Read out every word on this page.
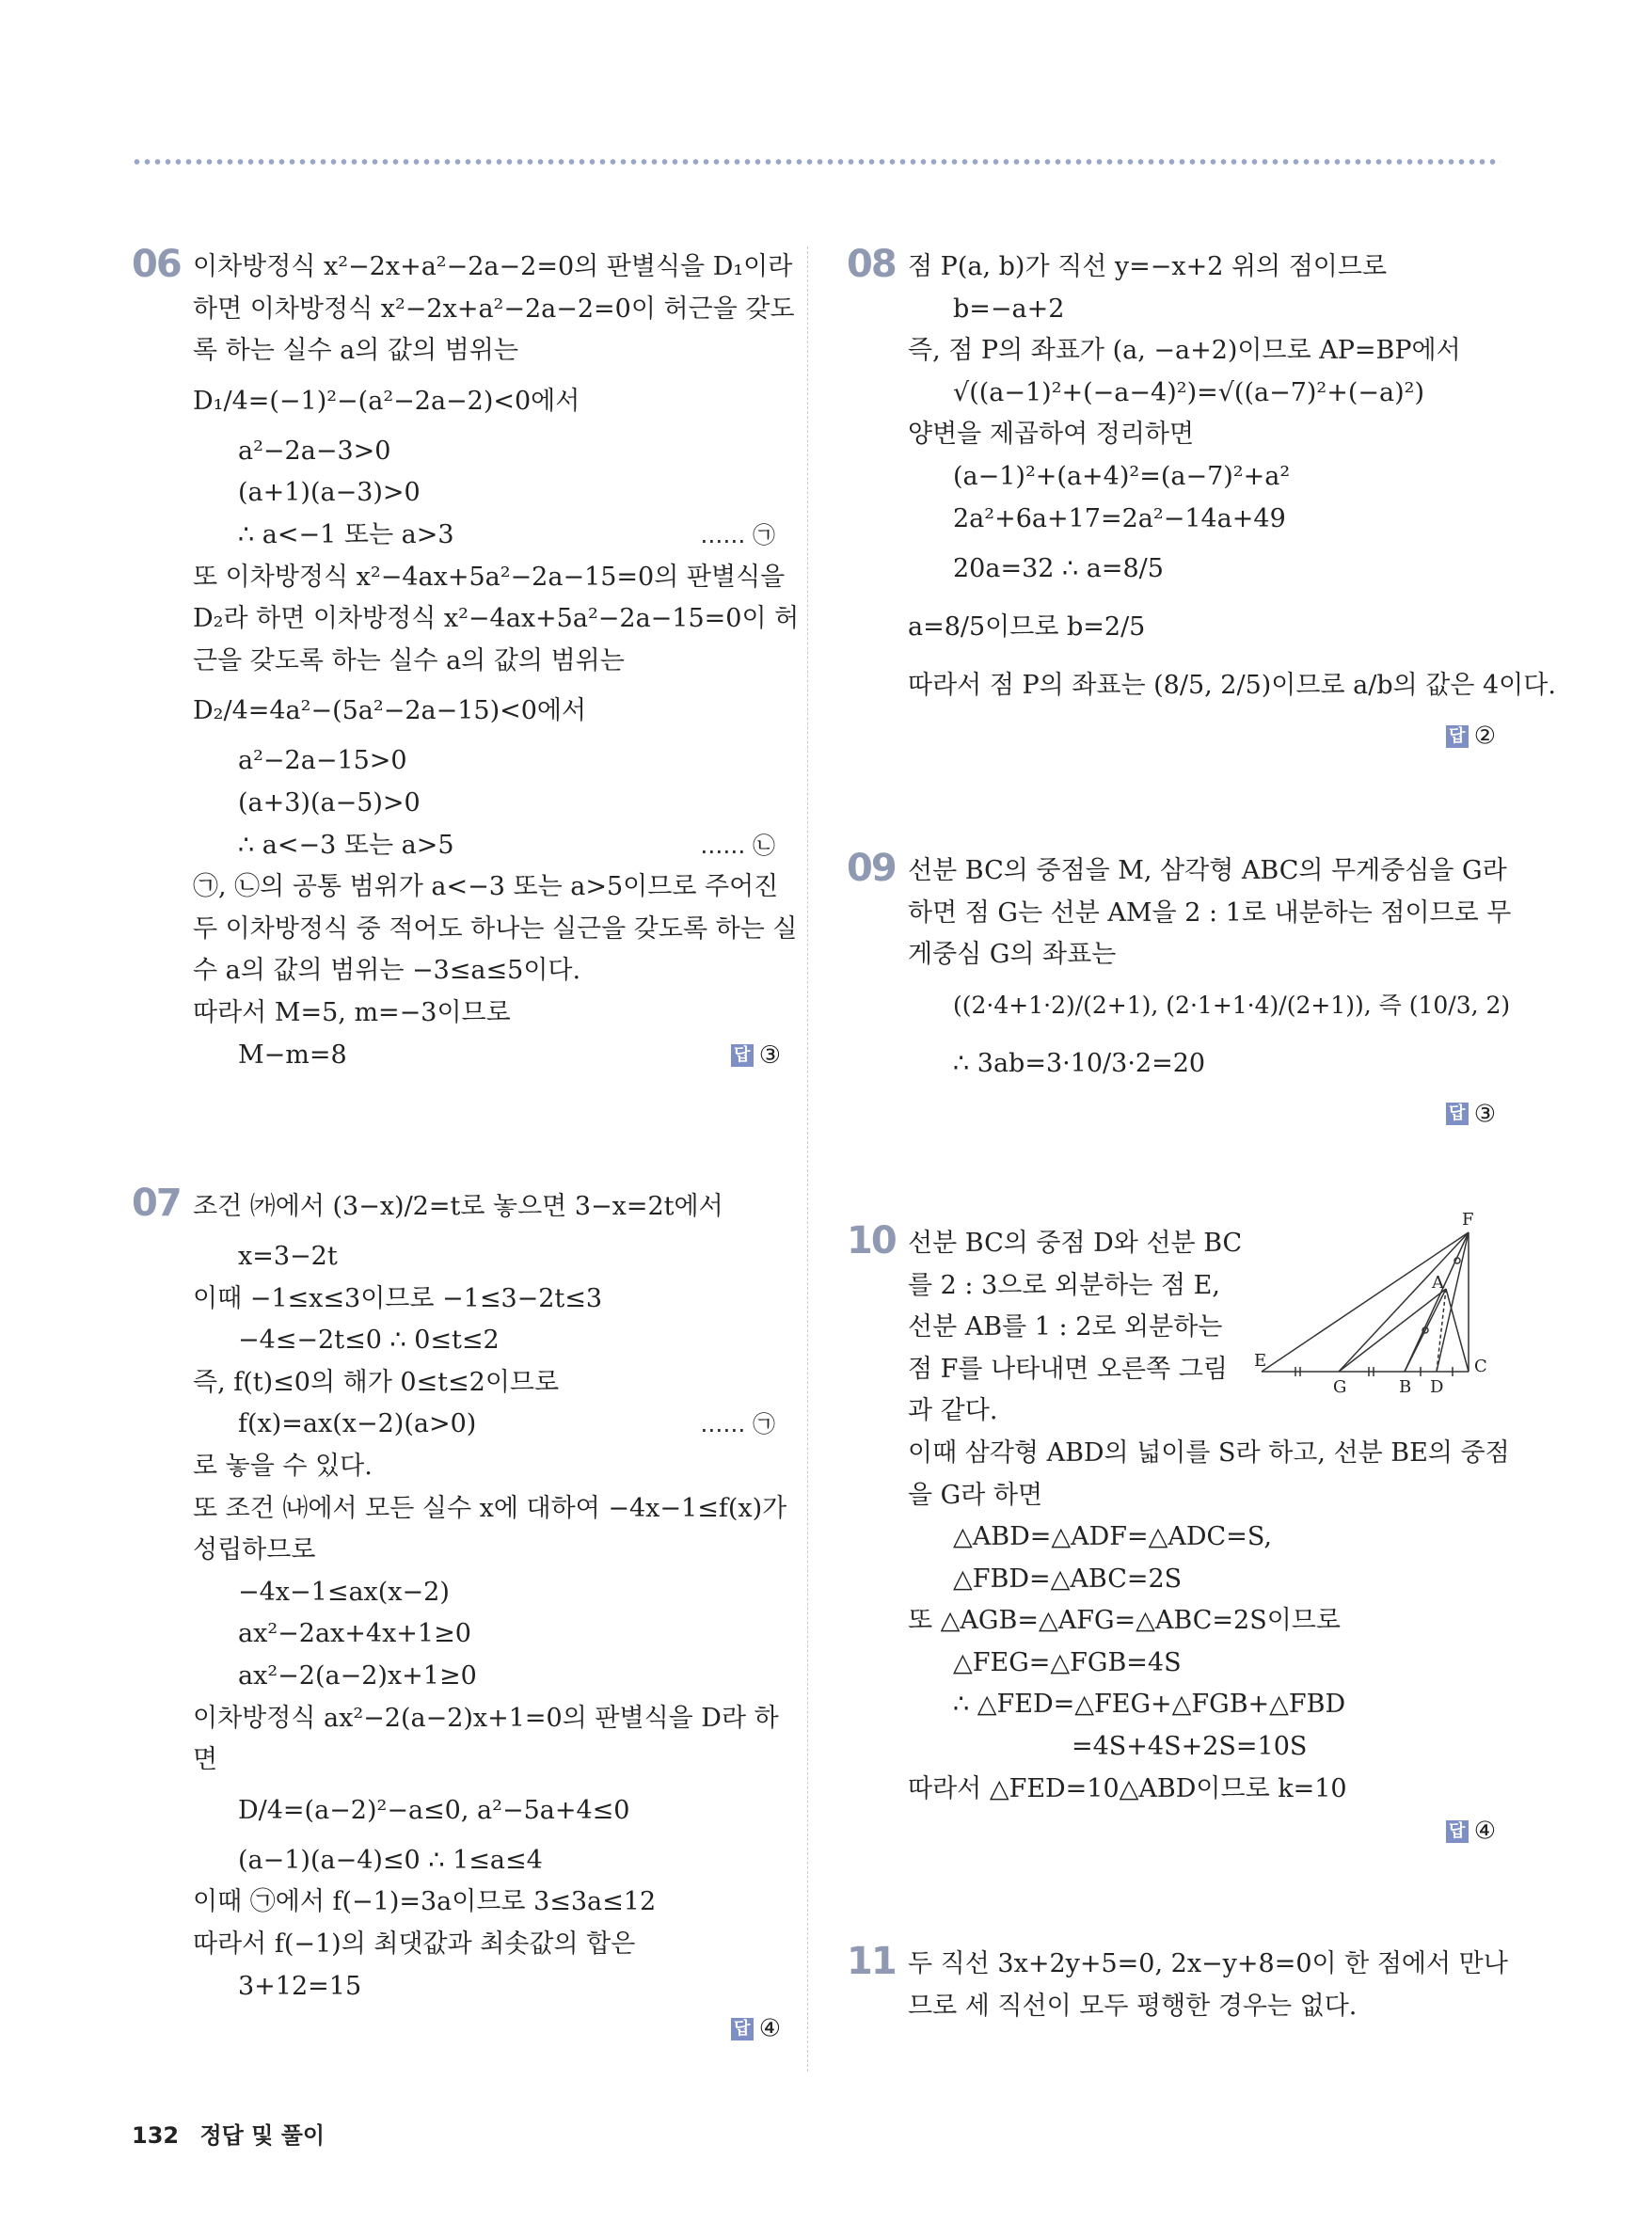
06 이차방정식 x²−2x+a²−2a−2=0의 판별식을 D₁이라
하면 이차방정식 x²−2x+a²−2a−2=0이 허근을 갖도
록 하는 실수 a의 값의 범위는
D₁/4=(−1)²−(a²−2a−2)<0에서
a²−2a−3>0
(a+1)(a−3)>0
∴ a<−1 또는 a>3	…… ㉠
또 이차방정식 x²−4ax+5a²−2a−15=0의 판별식을
D₂라 하면 이차방정식 x²−4ax+5a²−2a−15=0이 허
근을 갖도록 하는 실수 a의 값의 범위는
D₂/4=4a²−(5a²−2a−15)<0에서
a²−2a−15>0
(a+3)(a−5)>0
∴ a<−3 또는 a>5	…… ㉡
㉠, ㉡의 공통 범위가 a<−3 또는 a>5이므로 주어진
두 이차방정식 중 적어도 하나는 실근을 갖도록 하는 실
수 a의 값의 범위는 −3≤a≤5이다.
따라서 M=5, m=−3이므로
M−m=8	답 ③
07 조건 ㈎에서 (3−x)/2=t로 놓으면 3−x=2t에서
x=3−2t
이때 −1≤x≤3이므로 −1≤3−2t≤3
−4≤−2t≤0 ∴ 0≤t≤2
즉, f(t)≤0의 해가 0≤t≤2이므로
f(x)=ax(x−2)(a>0)	…… ㉠
로 놓을 수 있다.
또 조건 ㈏에서 모든 실수 x에 대하여 −4x−1≤f(x)가
성립하므로
−4x−1≤ax(x−2)
ax²−2ax+4x+1≥0
ax²−2(a−2)x+1≥0
이차방정식 ax²−2(a−2)x+1=0의 판별식을 D라 하
면
D/4=(a−2)²−a≤0, a²−5a+4≤0
(a−1)(a−4)≤0 ∴ 1≤a≤4
이때 ㉠에서 f(−1)=3a이므로 3≤3a≤12
따라서 f(−1)의 최댓값과 최솟값의 합은
3+12=15
답 ④
08 점 P(a, b)가 직선 y=−x+2 위의 점이므로
b=−a+2
즉, 점 P의 좌표가 (a, −a+2)이므로 AP=BP에서
√((a−1)²+(−a−4)²)=√((a−7)²+(−a)²)
양변을 제곱하여 정리하면
(a−1)²+(a+4)²=(a−7)²+a²
2a²+6a+17=2a²−14a+49
20a=32 ∴ a=8/5
a=8/5이므로 b=2/5
따라서 점 P의 좌표는 (8/5, 2/5)이므로 a/b의 값은 4이다.
답 ②
09 선분 BC의 중점을 M, 삼각형 ABC의 무게중심을 G라
하면 점 G는 선분 AM을 2 : 1로 내분하는 점이므로 무
게중심 G의 좌표는
((2·4+1·2)/(2+1), (2·1+1·4)/(2+1)), 즉 (10/3, 2)
∴ 3ab=3·10/3·2=20
답 ③
10 선분 BC의 중점 D와 선분 BC
를 2 : 3으로 외분하는 점 E,
선분 AB를 1 : 2로 외분하는
점 F를 나타내면 오른쪽 그림
과 같다.
이때 삼각형 ABD의 넓이를 S라 하고, 선분 BE의 중점
을 G라 하면
△ABD=△ADF=△ADC=S,
△FBD=△ABC=2S
또 △AGB=△AFG=△ABC=2S이므로
△FEG=△FGB=4S
∴ △FED=△FEG+△FGB+△FBD
=4S+4S+2S=10S
따라서 △FED=10△ABD이므로 k=10
답 ④
F
A
E
G	B D
C
11 두 직선 3x+2y+5=0, 2x−y+8=0이 한 점에서 만나
므로 세 직선이 모두 평행한 경우는 없다.
132 정답 및 풀이
